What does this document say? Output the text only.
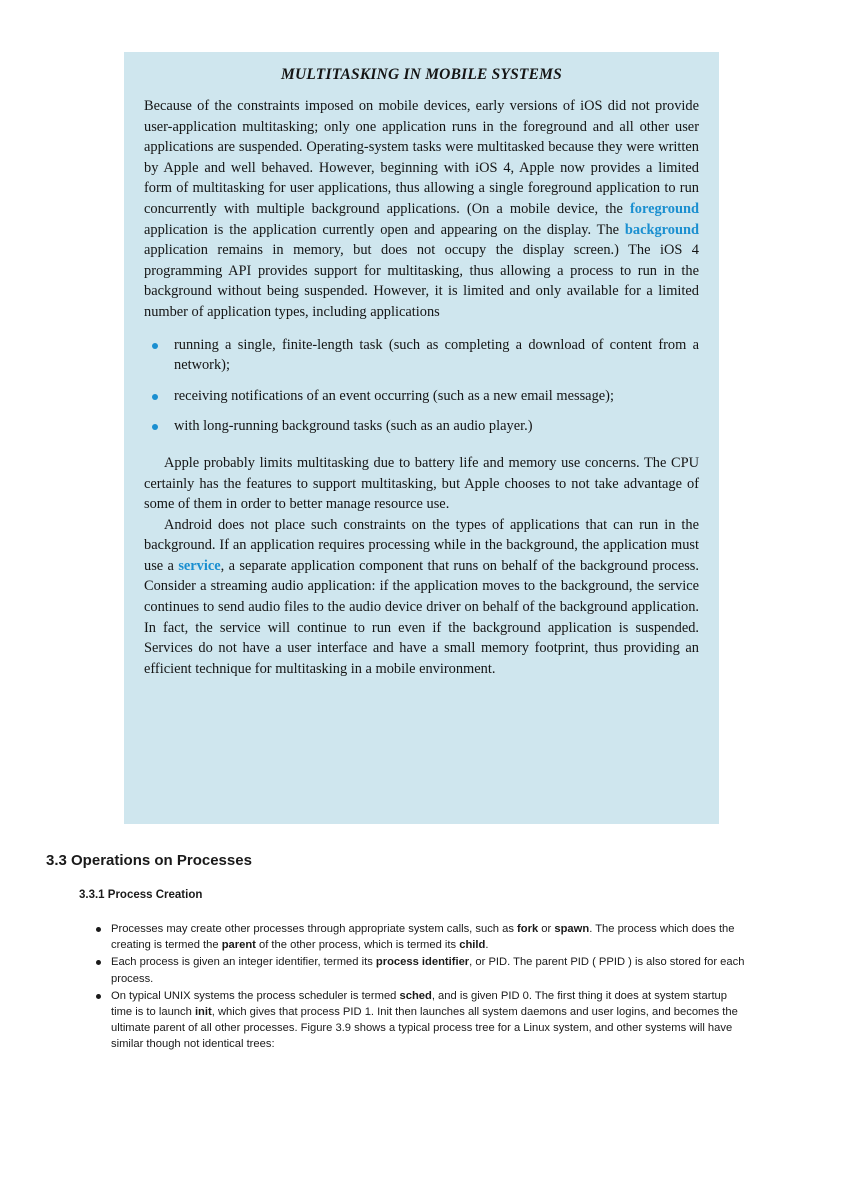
MULTITASKING IN MOBILE SYSTEMS

Because of the constraints imposed on mobile devices, early versions of iOS did not provide user-application multitasking; only one application runs in the foreground and all other user applications are suspended. Operating-system tasks were multitasked because they were written by Apple and well behaved. However, beginning with iOS 4, Apple now provides a limited form of multitasking for user applications, thus allowing a single foreground application to run concurrently with multiple background applications. (On a mobile device, the foreground application is the application currently open and appearing on the display. The background application remains in memory, but does not occupy the display screen.) The iOS 4 programming API provides support for multitasking, thus allowing a process to run in the background without being suspended. However, it is limited and only available for a limited number of application types, including applications

running a single, finite-length task (such as completing a download of content from a network);
receiving notifications of an event occurring (such as a new email message);
with long-running background tasks (such as an audio player.)

Apple probably limits multitasking due to battery life and memory use concerns. The CPU certainly has the features to support multitasking, but Apple chooses to not take advantage of some of them in order to better manage resource use.

Android does not place such constraints on the types of applications that can run in the background. If an application requires processing while in the background, the application must use a service, a separate application component that runs on behalf of the background process. Consider a streaming audio application: if the application moves to the background, the service continues to send audio files to the audio device driver on behalf of the background application. In fact, the service will continue to run even if the background application is suspended. Services do not have a user interface and have a small memory footprint, thus providing an efficient technique for multitasking in a mobile environment.

3.3 Operations on Processes
3.3.1 Process Creation
Processes may create other processes through appropriate system calls, such as fork or spawn. The process which does the creating is termed the parent of the other process, which is termed its child.
Each process is given an integer identifier, termed its process identifier, or PID. The parent PID ( PPID ) is also stored for each process.
On typical UNIX systems the process scheduler is termed sched, and is given PID 0. The first thing it does at system startup time is to launch init, which gives that process PID 1. Init then launches all system daemons and user logins, and becomes the ultimate parent of all other processes. Figure 3.9 shows a typical process tree for a Linux system, and other systems will have similar though not identical trees:
